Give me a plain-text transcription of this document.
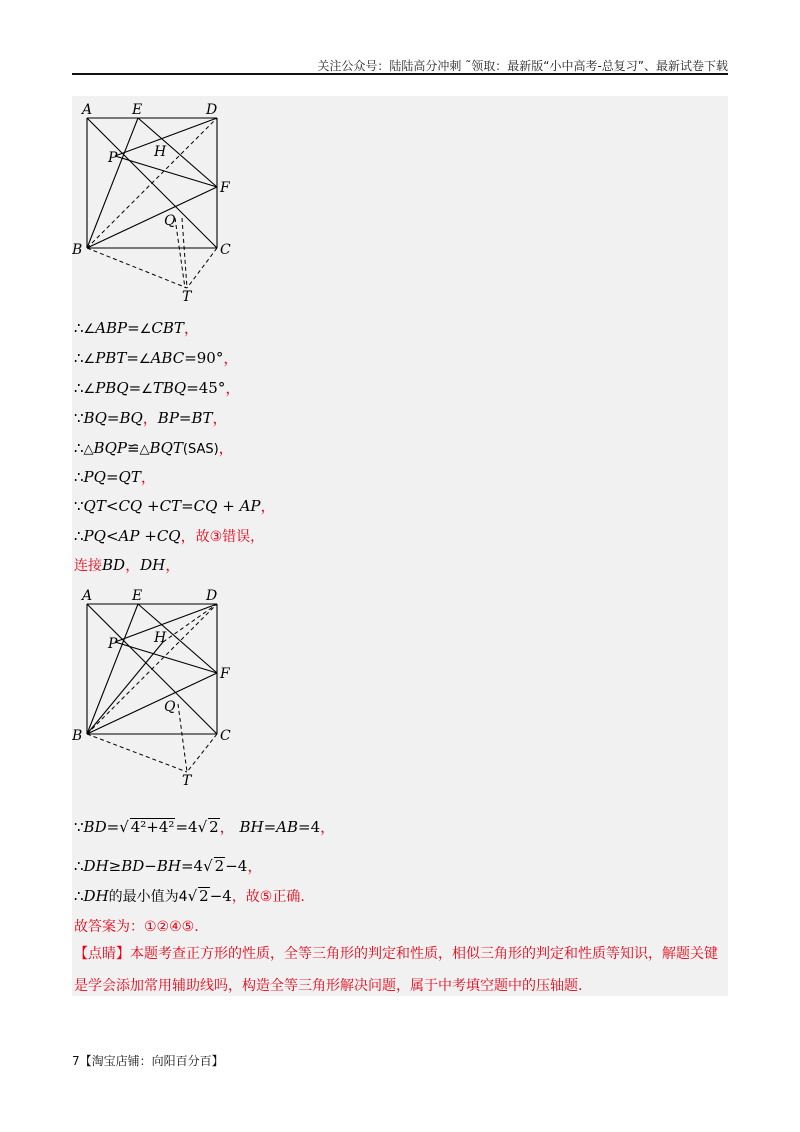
关注公众号：陆陆高分冲刺 ˜领取：最新版“小中高考-总复习”、最新试卷下载
A	E	D
P	H
F
Q
B	C
T
∴∠ABP=∠CBT，
∴∠PBT=∠ABC=90°，
∴∠PBQ=∠TBQ=45°，
∵BQ=BQ，BP=BT，
∴△BQP≌△BQT(SAS)，
∴PQ=QT，
∵QT<CQ +CT=CQ + AP，
∴PQ<AP +CQ，故③错误，
连接BD，DH，
A	E	D
P	H
F
Q
B	C
T
∵BD=√ 4²+4²=4√ 2， BH=AB=4，
∴DH≥BD−BH=4√ 2−4，
∴DH的最小值为4√ 2−4，故⑤正确.
故答案为：①②④⑤.
【点睛】本题考查正方形的性质，全等三角形的判定和性质，相似三角形的判定和性质等知识，解题关键
是学会添加常用辅助线吗，构造全等三角形解决问题，属于中考填空题中的压轴题.
7【淘宝店铺：向阳百分百】
